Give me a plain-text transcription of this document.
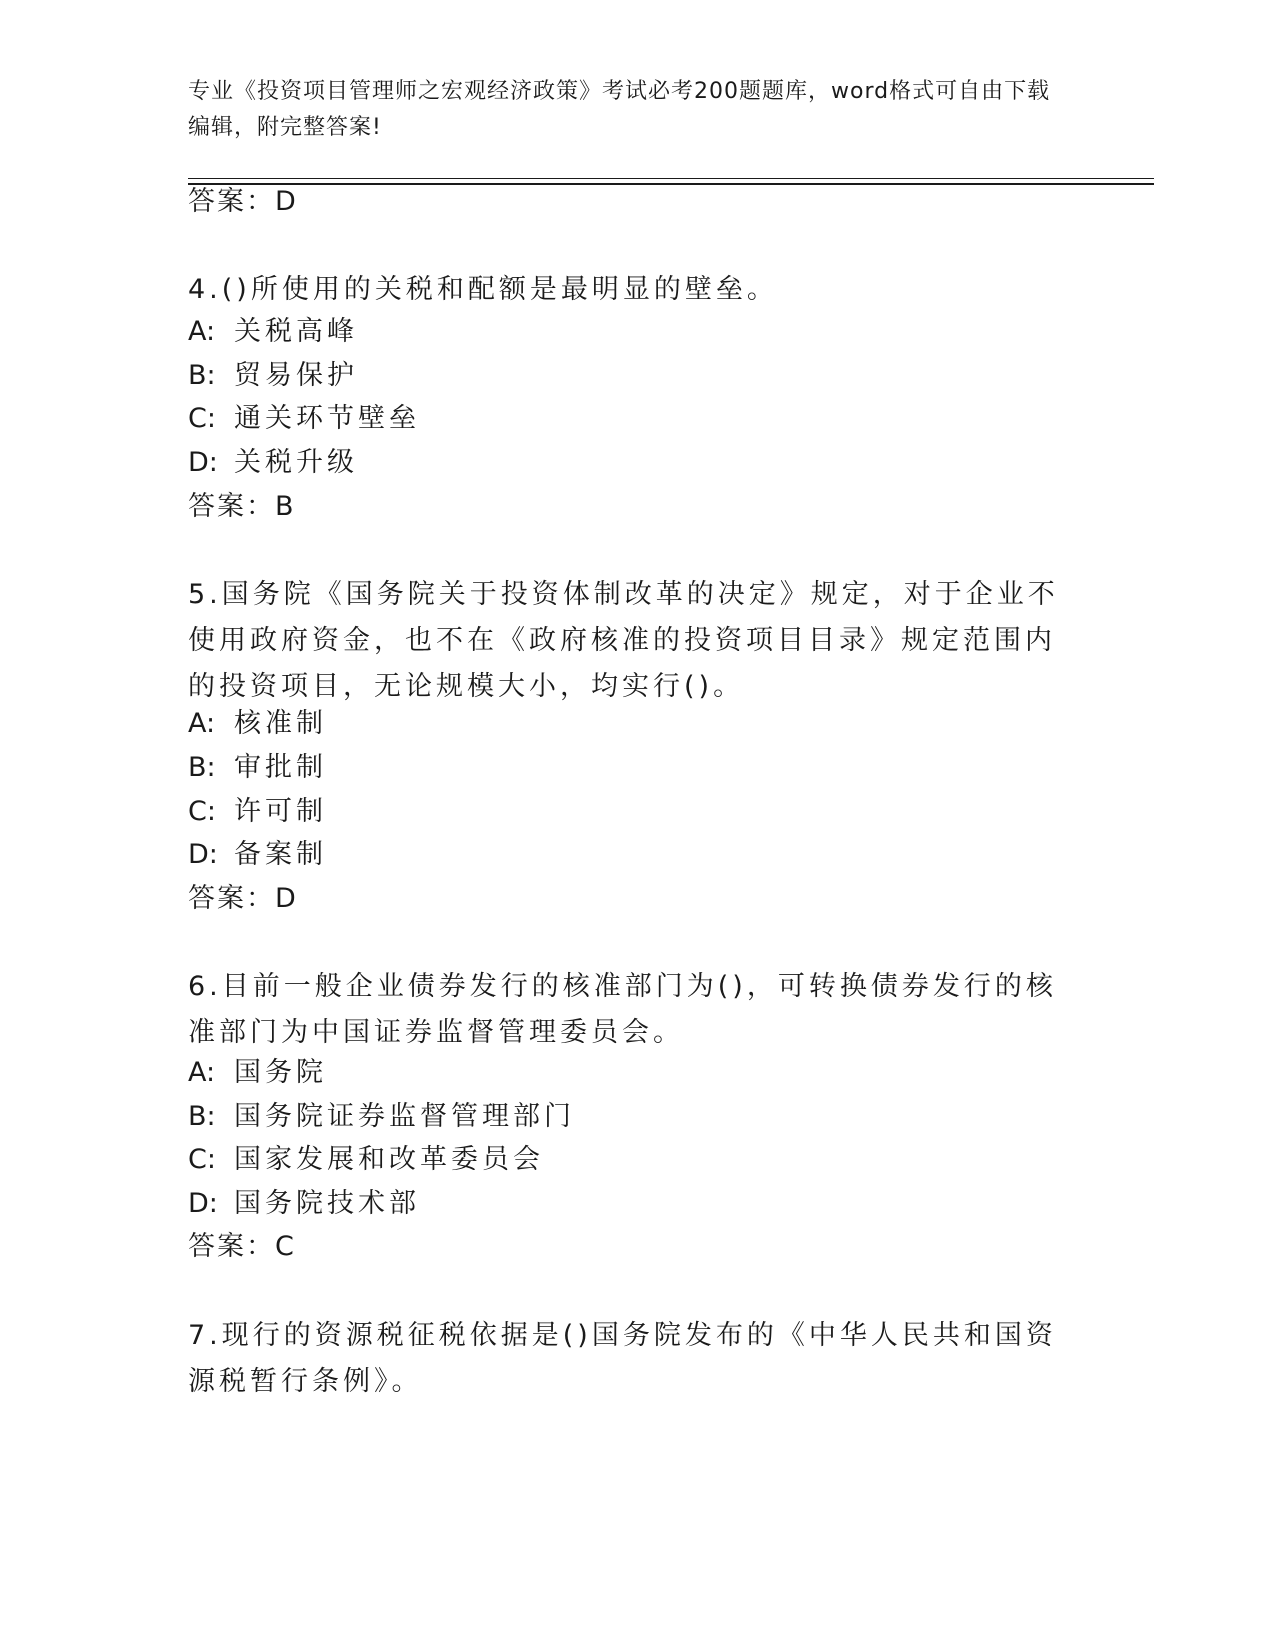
专业《投资项目管理师之宏观经济政策》考试必考200题题库，word格式可自由下载编辑，附完整答案!
答案：D
4.()所使用的关税和配额是最明显的壁垒。
A: 关税高峰
B: 贸易保护
C: 通关环节壁垒
D: 关税升级
答案：B
5.国务院《国务院关于投资体制改革的决定》规定，对于企业不使用政府资金，也不在《政府核准的投资项目目录》规定范围内的投资项目，无论规模大小，均实行()。
A: 核准制
B: 审批制
C: 许可制
D: 备案制
答案：D
6.目前一般企业债券发行的核准部门为()，可转换债券发行的核准部门为中国证券监督管理委员会。
A: 国务院
B: 国务院证券监督管理部门
C: 国家发展和改革委员会
D: 国务院技术部
答案：C
7.现行的资源税征税依据是()国务院发布的《中华人民共和国资源税暂行条例》。
